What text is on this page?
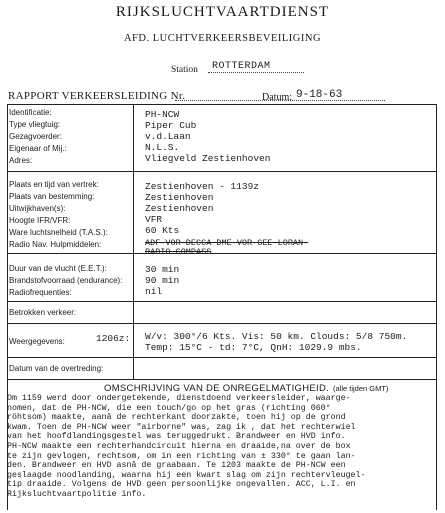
RIJKSLUCHTVAARTDIENST
AFD. LUCHTVERKEERSBEVEILIGING
Station ROTTERDAM
RAPPORT VERKEERSLEIDING Nr.	Datum: 9-18-63
Identificatie:
Type vliegtuig:
Gezagvoerder:
Eigenaar of Mij.:
Adres:
PH-NCW
Piper Cub
v.d.Laan
N.L.S.
Vliegveld Zestienhoven
Plaats en tijd van vertrek:
Plaats van bestemming:
Uitwijkhaven(s):
Hoogte IFR/VFR:
Ware luchtsnelheid (T.A.S.):
Radio Nav. Hulpmiddelen:
Zestienhoven - 1139z
Zestienhoven
Zestienhoven
VFR
60 Kts
ADF-VOR-DECCA-DME-VOR-GEE-LORAN-
RADIO COMPASS
Duur van de vlucht (E.E.T.):
Brandstofvoorraad (endurance):
Radiofrequenties:
30 min
90 min
nil
Betrokken verkeer:
Weergegevens:	1206z: W/v: 300°/6 Kts. Vis: 50 km. Clouds: 5/8 750m.
Temp: 15°C - td: 7°C, QnH: 1029.9 mbs.
Datum van de overtreding:
OMSCHRIJVING VAN DE ONREGELMATIGHEID. (alle tijden GMT)
Om 1159 werd door ondergetekende, dienstdoend verkeersleider, waarge-
nomen, dat de PH-NCW, die een touch/go op het gras (richting 060°
röhtsom) maakte, aanâ de rechterkant doorzakte, toen hij op de grond
kwam. Toen de PH-NCW weer "airborne" was, zag ik , dat het rechterwiel
van het hoofdlandingsgestel was teruggedrukt. Brandweer en HVD info.
PH-NCW maakte een rechterhandcircuit hierna en draaide,na over de box
te zijn gevlogen, rechtsom, om in een richting van ± 330° te gaan lan-
den. Brandweer en HVD asnâ de graabaan. Te 1203 maakte de PH-NCW een
geslaagde noodlanding, waarna hij een kwart slag om zijn rechtervleugel-
tip draaide. Volgens de HVD geen persoonlijke ongevallen. ACC, L.I. en
Rijksluchtvaartpolitie info.
